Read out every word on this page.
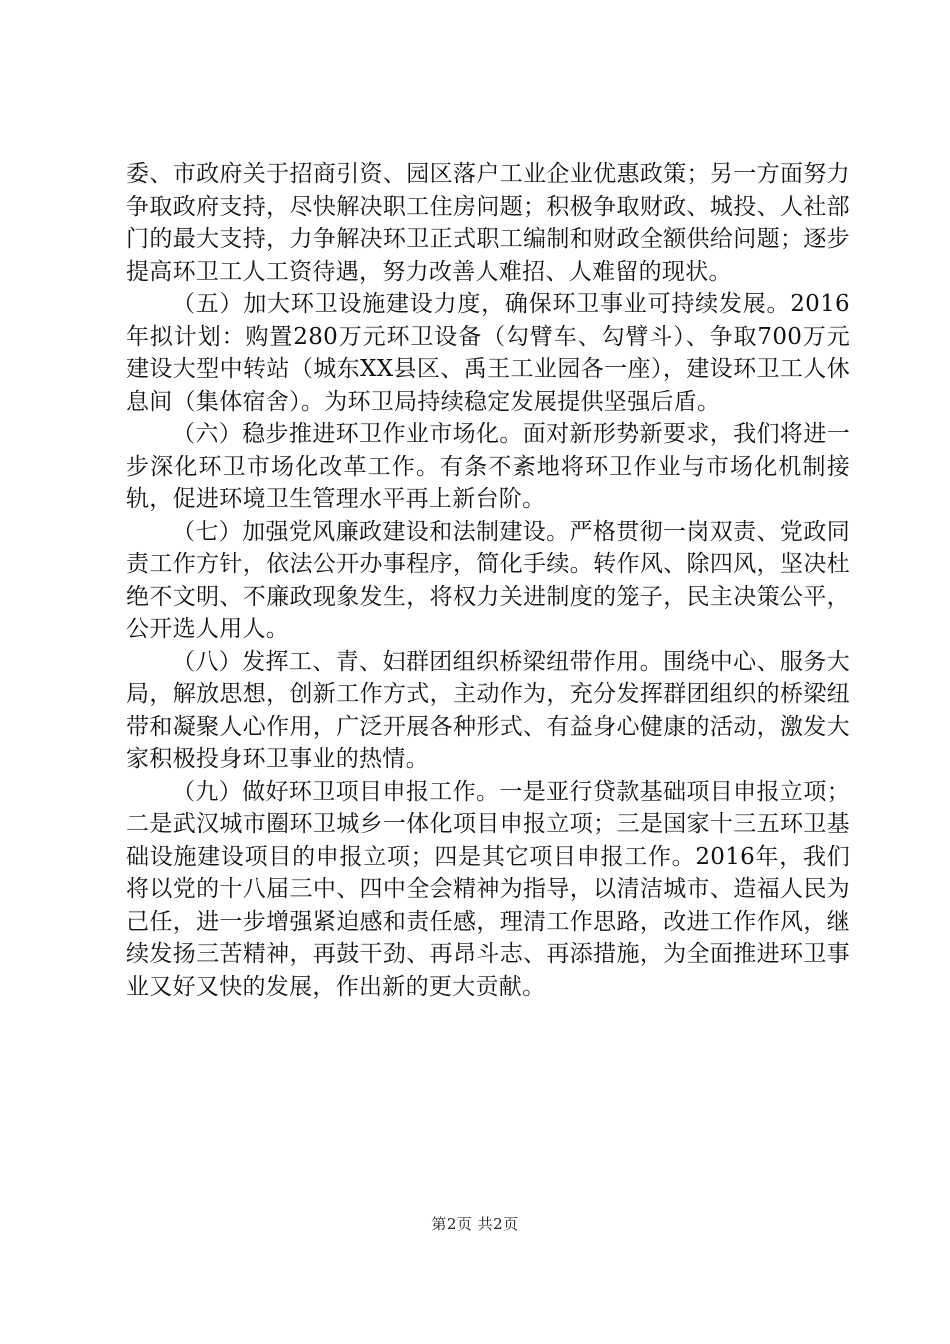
委、市政府关于招商引资、园区落户工业企业优惠政策；另一方面努力争取政府支持，尽快解决职工住房问题；积极争取财政、城投、人社部门的最大支持，力争解决环卫正式职工编制和财政全额供给问题；逐步提高环卫工人工资待遇，努力改善人难招、人难留的现状。

（五）加大环卫设施建设力度，确保环卫事业可持续发展。2016年拟计划：购置280万元环卫设备（勾臂车、勾臂斗）、争取700万元建设大型中转站（城东XX县区、禹王工业园各一座），建设环卫工人休息间（集体宿舍）。为环卫局持续稳定发展提供坚强后盾。

（六）稳步推进环卫作业市场化。面对新形势新要求，我们将进一步深化环卫市场化改革工作。有条不紊地将环卫作业与市场化机制接轨，促进环境卫生管理水平再上新台阶。

（七）加强党风廉政建设和法制建设。严格贯彻一岗双责、党政同责工作方针，依法公开办事程序，简化手续。转作风、除四风，坚决杜绝不文明、不廉政现象发生，将权力关进制度的笼子，民主决策公平，公开选人用人。

（八）发挥工、青、妇群团组织桥梁纽带作用。围绕中心、服务大局，解放思想，创新工作方式，主动作为，充分发挥群团组织的桥梁纽带和凝聚人心作用，广泛开展各种形式、有益身心健康的活动，激发大家积极投身环卫事业的热情。

（九）做好环卫项目申报工作。一是亚行贷款基础项目申报立项；二是武汉城市圈环卫城乡一体化项目申报立项；三是国家十三五环卫基础设施建设项目的申报立项；四是其它项目申报工作。2016年，我们将以党的十八届三中、四中全会精神为指导，以清洁城市、造福人民为己任，进一步增强紧迫感和责任感，理清工作思路，改进工作作风，继续发扬三苦精神，再鼓干劲、再昂斗志、再添措施，为全面推进环卫事业又好又快的发展，作出新的更大贡献。

第2页 共2页
